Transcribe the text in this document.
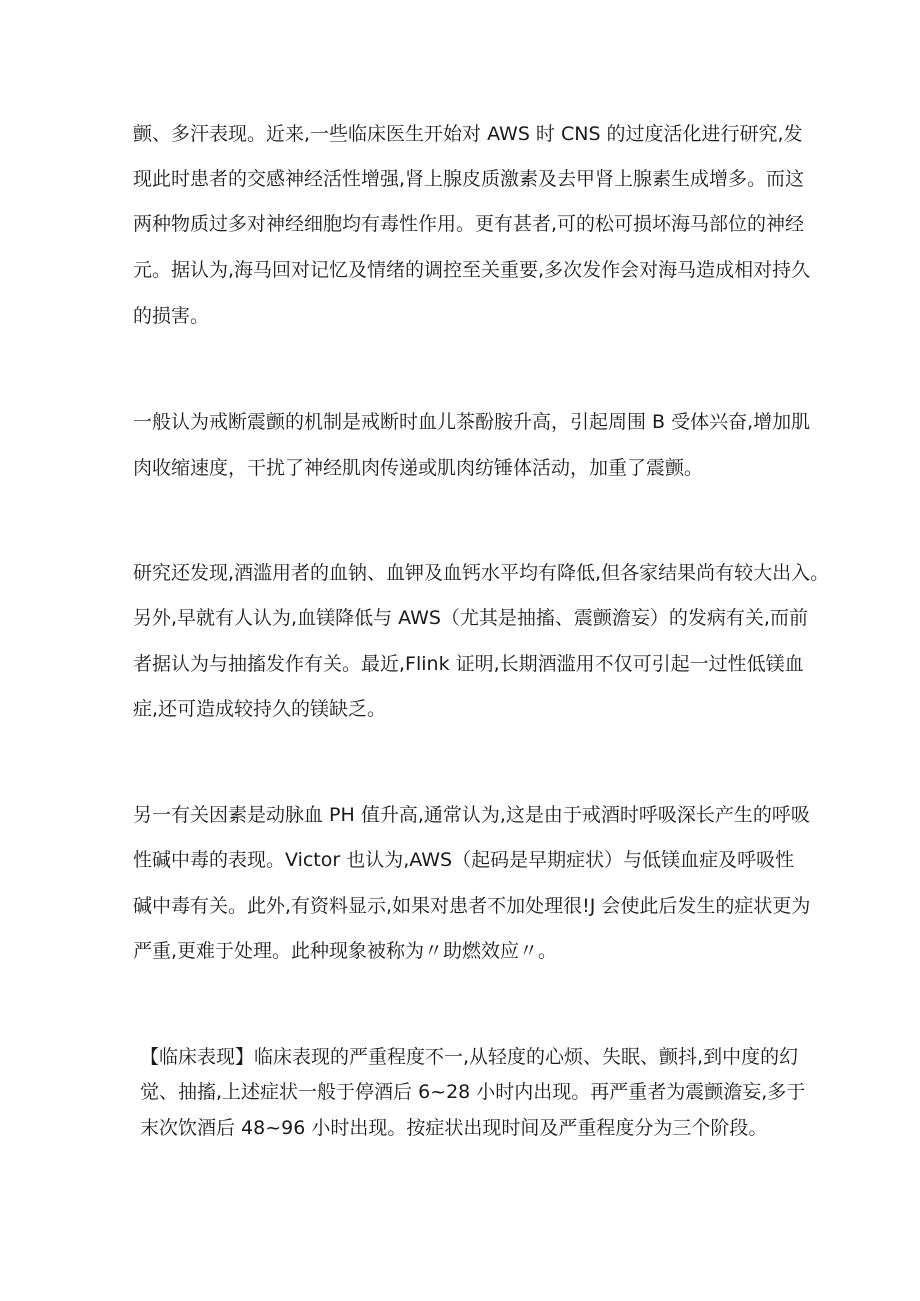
颤、多汗表现。近来,一些临床医生开始对 AWS 时 CNS 的过度活化进行研究,发
现此时患者的交感神经活性增强,肾上腺皮质激素及去甲肾上腺素生成增多。而这
两种物质过多对神经细胞均有毒性作用。更有甚者,可的松可损坏海马部位的神经
元。据认为,海马回对记忆及情绪的调控至关重要,多次发作会对海马造成相对持久
的损害。
一般认为戒断震颤的机制是戒断时血儿茶酚胺升高，引起周围 B 受体兴奋,增加肌
肉收缩速度，干扰了神经肌肉传递或肌肉纺锤体活动，加重了震颤。
研究还发现,酒滥用者的血钠、血钾及血钙水平均有降低,但各家结果尚有较大出入。
另外,早就有人认为,血镁降低与 AWS（尤其是抽搐、震颤澹妄）的发病有关,而前
者据认为与抽搐发作有关。最近,Flink 证明,长期酒滥用不仅可引起一过性低镁血
症,还可造成较持久的镁缺乏。
另一有关因素是动脉血 PH 值升高,通常认为,这是由于戒酒时呼吸深长产生的呼吸
性碱中毒的表现。Victor 也认为,AWS（起码是早期症状）与低镁血症及呼吸性
碱中毒有关。此外,有资料显示,如果对患者不加处理很!J 会使此后发生的症状更为
严重,更难于处理。此种现象被称为〃助燃效应〃。
【临床表现】临床表现的严重程度不一,从轻度的心烦、失眠、颤抖,到中度的幻
觉、抽搐,上述症状一般于停酒后 6~28 小时内出现。再严重者为震颤澹妄,多于
末次饮酒后 48~96 小时出现。按症状出现时间及严重程度分为三个阶段。
